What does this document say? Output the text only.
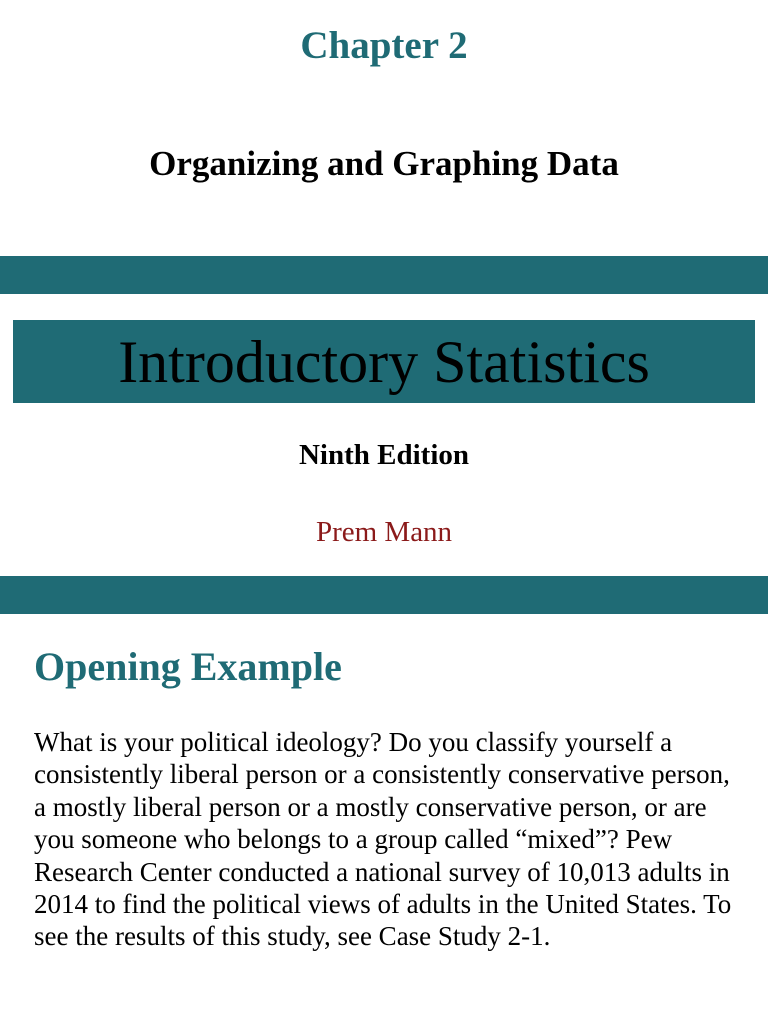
Chapter 2
Organizing and Graphing Data
Introductory Statistics
Ninth Edition
Prem Mann
Opening Example

What is your political ideology? Do you classify yourself a consistently liberal person or a consistently conservative person, a mostly liberal person or a mostly conservative person, or are you someone who belongs to a group called “mixed”? Pew Research Center conducted a national survey of 10,013 adults in 2014 to find the political views of adults in the United States. To see the results of this study, see Case Study 2-1.
